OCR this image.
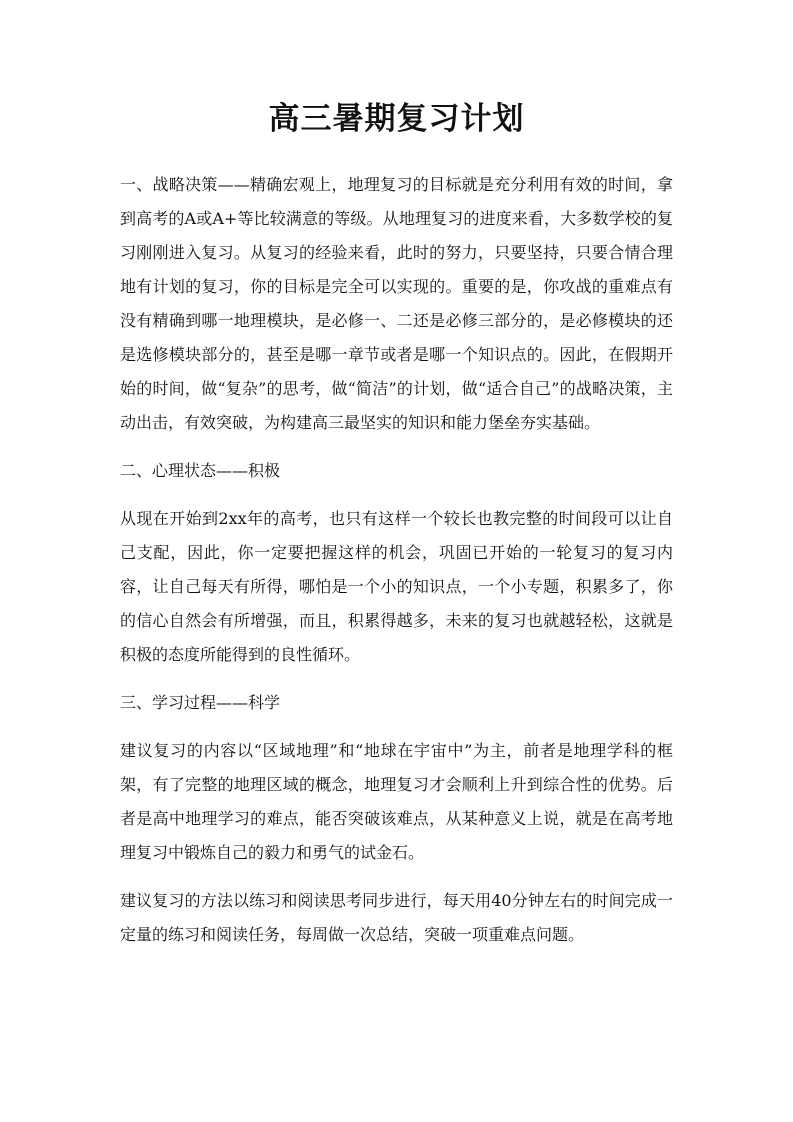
高三暑期复习计划

一、战略决策——精确宏观上，地理复习的目标就是充分利用有效的时间，拿到高考的A或A+等比较满意的等级。从地理复习的进度来看，大多数学校的复习刚刚进入复习。从复习的经验来看，此时的努力，只要坚持，只要合情合理地有计划的复习，你的目标是完全可以实现的。重要的是，你攻战的重难点有没有精确到哪一地理模块，是必修一、二还是必修三部分的，是必修模块的还是选修模块部分的，甚至是哪一章节或者是哪一个知识点的。因此，在假期开始的时间，做“复杂”的思考，做“简洁”的计划，做“适合自己”的战略决策，主动出击，有效突破，为构建高三最坚实的知识和能力堡垒夯实基础。

二、心理状态——积极

从现在开始到2xx年的高考，也只有这样一个较长也教完整的时间段可以让自己支配，因此，你一定要把握这样的机会，巩固已开始的一轮复习的复习内容，让自己每天有所得，哪怕是一个小的知识点，一个小专题，积累多了，你的信心自然会有所增强，而且，积累得越多，未来的复习也就越轻松，这就是积极的态度所能得到的良性循环。

三、学习过程——科学

建议复习的内容以“区域地理”和“地球在宇宙中”为主，前者是地理学科的框架，有了完整的地理区域的概念，地理复习才会顺利上升到综合性的优势。后者是高中地理学习的难点，能否突破该难点，从某种意义上说，就是在高考地理复习中锻炼自己的毅力和勇气的试金石。

建议复习的方法以练习和阅读思考同步进行，每天用40分钟左右的时间完成一定量的练习和阅读任务，每周做一次总结，突破一项重难点问题。
